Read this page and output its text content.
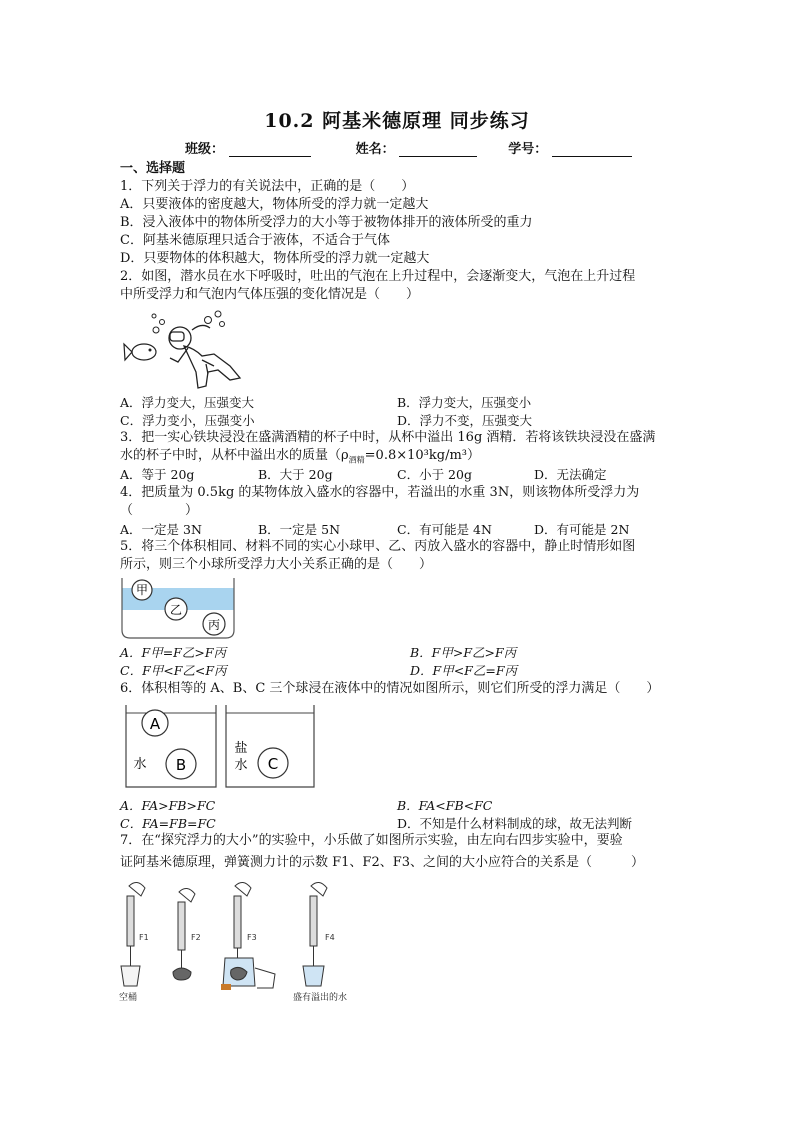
10.2 阿基米德原理 同步练习
班级：	姓名：	学号：
一、选择题
1．下列关于浮力的有关说法中，正确的是（　　）
A．只要液体的密度越大，物体所受的浮力就一定越大
B．浸入液体中的物体所受浮力的大小等于被物体排开的液体所受的重力
C．阿基米德原理只适合于液体，不适合于气体
D．只要物体的体积越大，物体所受的浮力就一定越大
2．如图，潜水员在水下呼吸时，吐出的气泡在上升过程中，会逐渐变大，气泡在上升过程
中所受浮力和气泡内气体压强的变化情况是（　　）
A．浮力变大，压强变大	B．浮力变大，压强变小
C．浮力变小，压强变小	D．浮力不变，压强变大
3．把一实心铁块浸没在盛满酒精的杯子中时，从杯中溢出 16g 酒精．若将该铁块浸没在盛满
水的杯子中时，从杯中溢出水的质量$(\rho_{酒精}=0.8\times 10^3kg/m^3)$
A．等于 20g	B．大于 20g	C．小于 20g	D．无法确定
4．把质量为 0.5kg 的某物体放入盛水的容器中，若溢出的水重 3N，则该物体所受浮力为
（　　　　）
A．一定是 3N	B．一定是 5N	C．有可能是 4N	D．有可能是 2N
5．将三个体积相同、材料不同的实心小球甲、乙、丙放入盛水的容器中，静止时情形如图
所示，则三个小球所受浮力大小关系正确的是（　　）
甲
乙
丙
A．F甲=F乙>F丙	B．F甲>F乙>F丙
C．F甲<F乙<F丙	D．F甲<F乙=F丙
6．体积相等的 A、B、C 三个球浸在液体中的情况如图所示，则它们所受的浮力满足（　　）
A
B
水
盐
水 C
A．FA>FB>FC	B．FA<FB<FC
C．FA=FB=FC	D．不知是什么材料制成的球，故无法判断
7．在“探究浮力的大小”的实验中，小乐做了如图所示实验，由左向右四步实验中，要验
证阿基米德原理，弹簧测力计的示数 F1、F2、F3、之间的大小应符合的关系是（　　　）
F1	F2	F3	F4
空桶	盛有溢出的水
